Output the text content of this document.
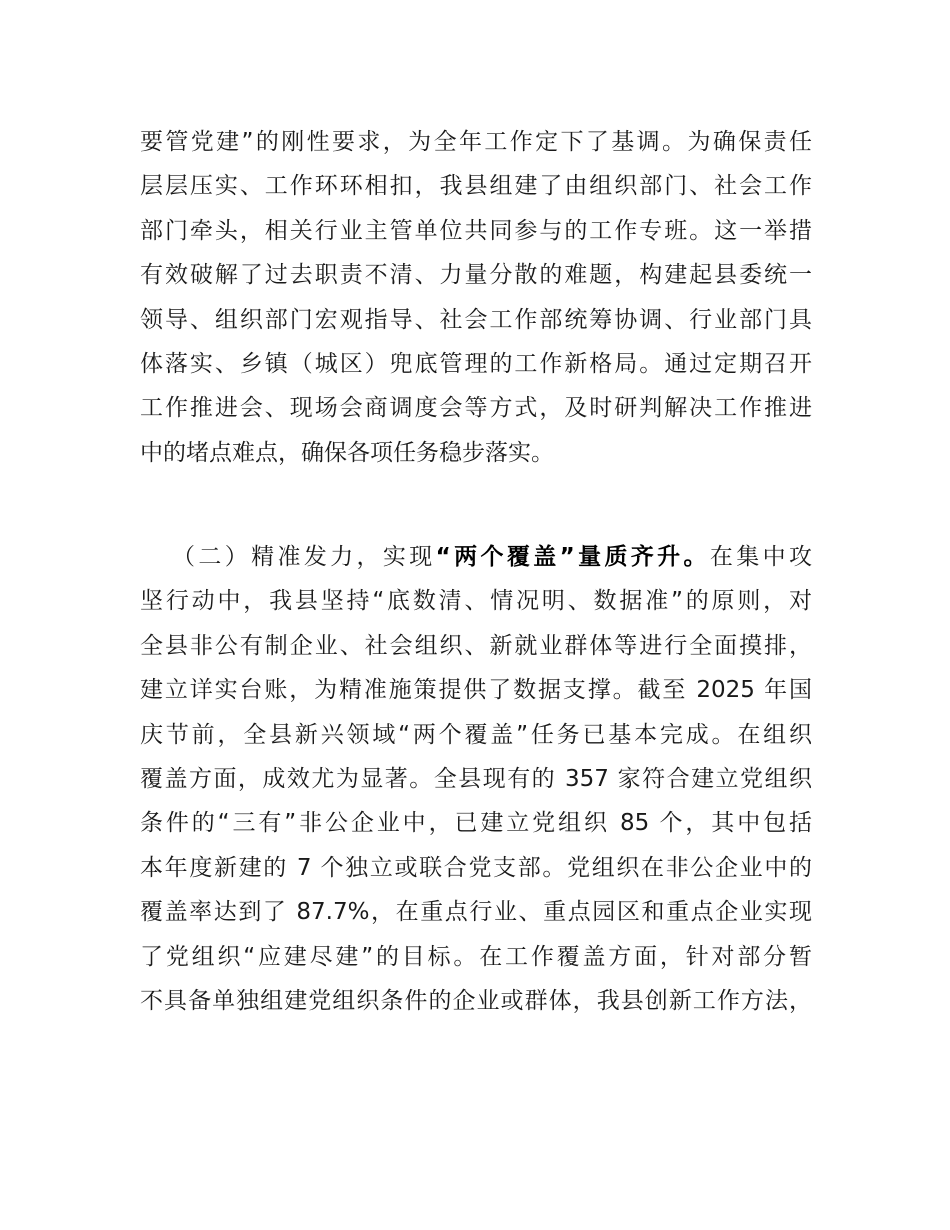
要管党建”的刚性要求，为全年工作定下了基调。为确保责任
层层压实、工作环环相扣，我县组建了由组织部门、社会工作
部门牵头，相关行业主管单位共同参与的工作专班。这一举措
有效破解了过去职责不清、力量分散的难题，构建起县委统一
领导、组织部门宏观指导、社会工作部统筹协调、行业部门具
体落实、乡镇（城区）兜底管理的工作新格局。通过定期召开
工作推进会、现场会商调度会等方式，及时研判解决工作推进
中的堵点难点，确保各项任务稳步落实。
（二）精准发力，实现“两个覆盖”量质齐升。在集中攻
坚行动中，我县坚持“底数清、情况明、数据准”的原则，对
全县非公有制企业、社会组织、新就业群体等进行全面摸排，
建立详实台账，为精准施策提供了数据支撑。截至 2025 年国
庆节前，全县新兴领域“两个覆盖”任务已基本完成。在组织
覆盖方面，成效尤为显著。全县现有的 357 家符合建立党组织
条件的“三有”非公企业中，已建立党组织 85 个，其中包括
本年度新建的 7 个独立或联合党支部。党组织在非公企业中的
覆盖率达到了 87.7%，在重点行业、重点园区和重点企业实现
了党组织“应建尽建”的目标。在工作覆盖方面，针对部分暂
不具备单独组建党组织条件的企业或群体，我县创新工作方法，
